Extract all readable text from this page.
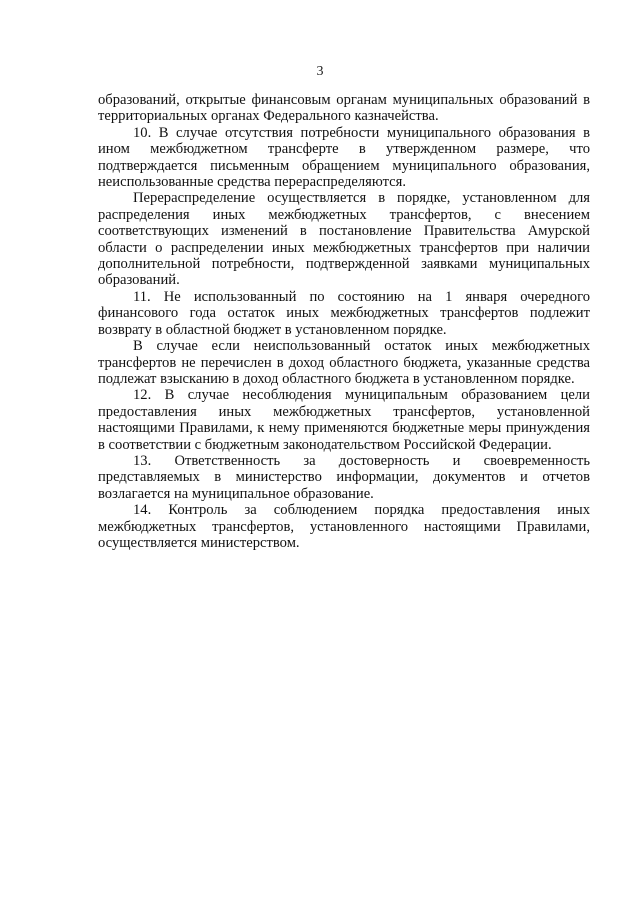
3

образований, открытые финансовым органам муниципальных образований в территориальных органах Федерального казначейства.

10. В случае отсутствия потребности муниципального образования в ином межбюджетном трансферте в утвержденном размере, что подтверждается письменным обращением муниципального образования, неиспользованные средства перераспределяются.

Перераспределение осуществляется в порядке, установленном для распределения иных межбюджетных трансфертов, с внесением соответствующих изменений в постановление Правительства Амурской области о распределении иных межбюджетных трансфертов при наличии дополнительной потребности, подтвержденной заявками муниципальных образований.

11. Не использованный по состоянию на 1 января очередного финансового года остаток иных межбюджетных трансфертов подлежит возврату в областной бюджет в установленном порядке.

В случае если неиспользованный остаток иных межбюджетных трансфертов не перечислен в доход областного бюджета, указанные средства подлежат взысканию в доход областного бюджета в установленном порядке.

12. В случае несоблюдения муниципальным образованием цели предоставления иных межбюджетных трансфертов, установленной настоящими Правилами, к нему применяются бюджетные меры принуждения в соответствии с бюджетным законодательством Российской Федерации.

13. Ответственность за достоверность и своевременность представляемых в министерство информации, документов и отчетов возлагается на муниципальное образование.

14. Контроль за соблюдением порядка предоставления иных межбюджетных трансфертов, установленного настоящими Правилами, осуществляется министерством.
